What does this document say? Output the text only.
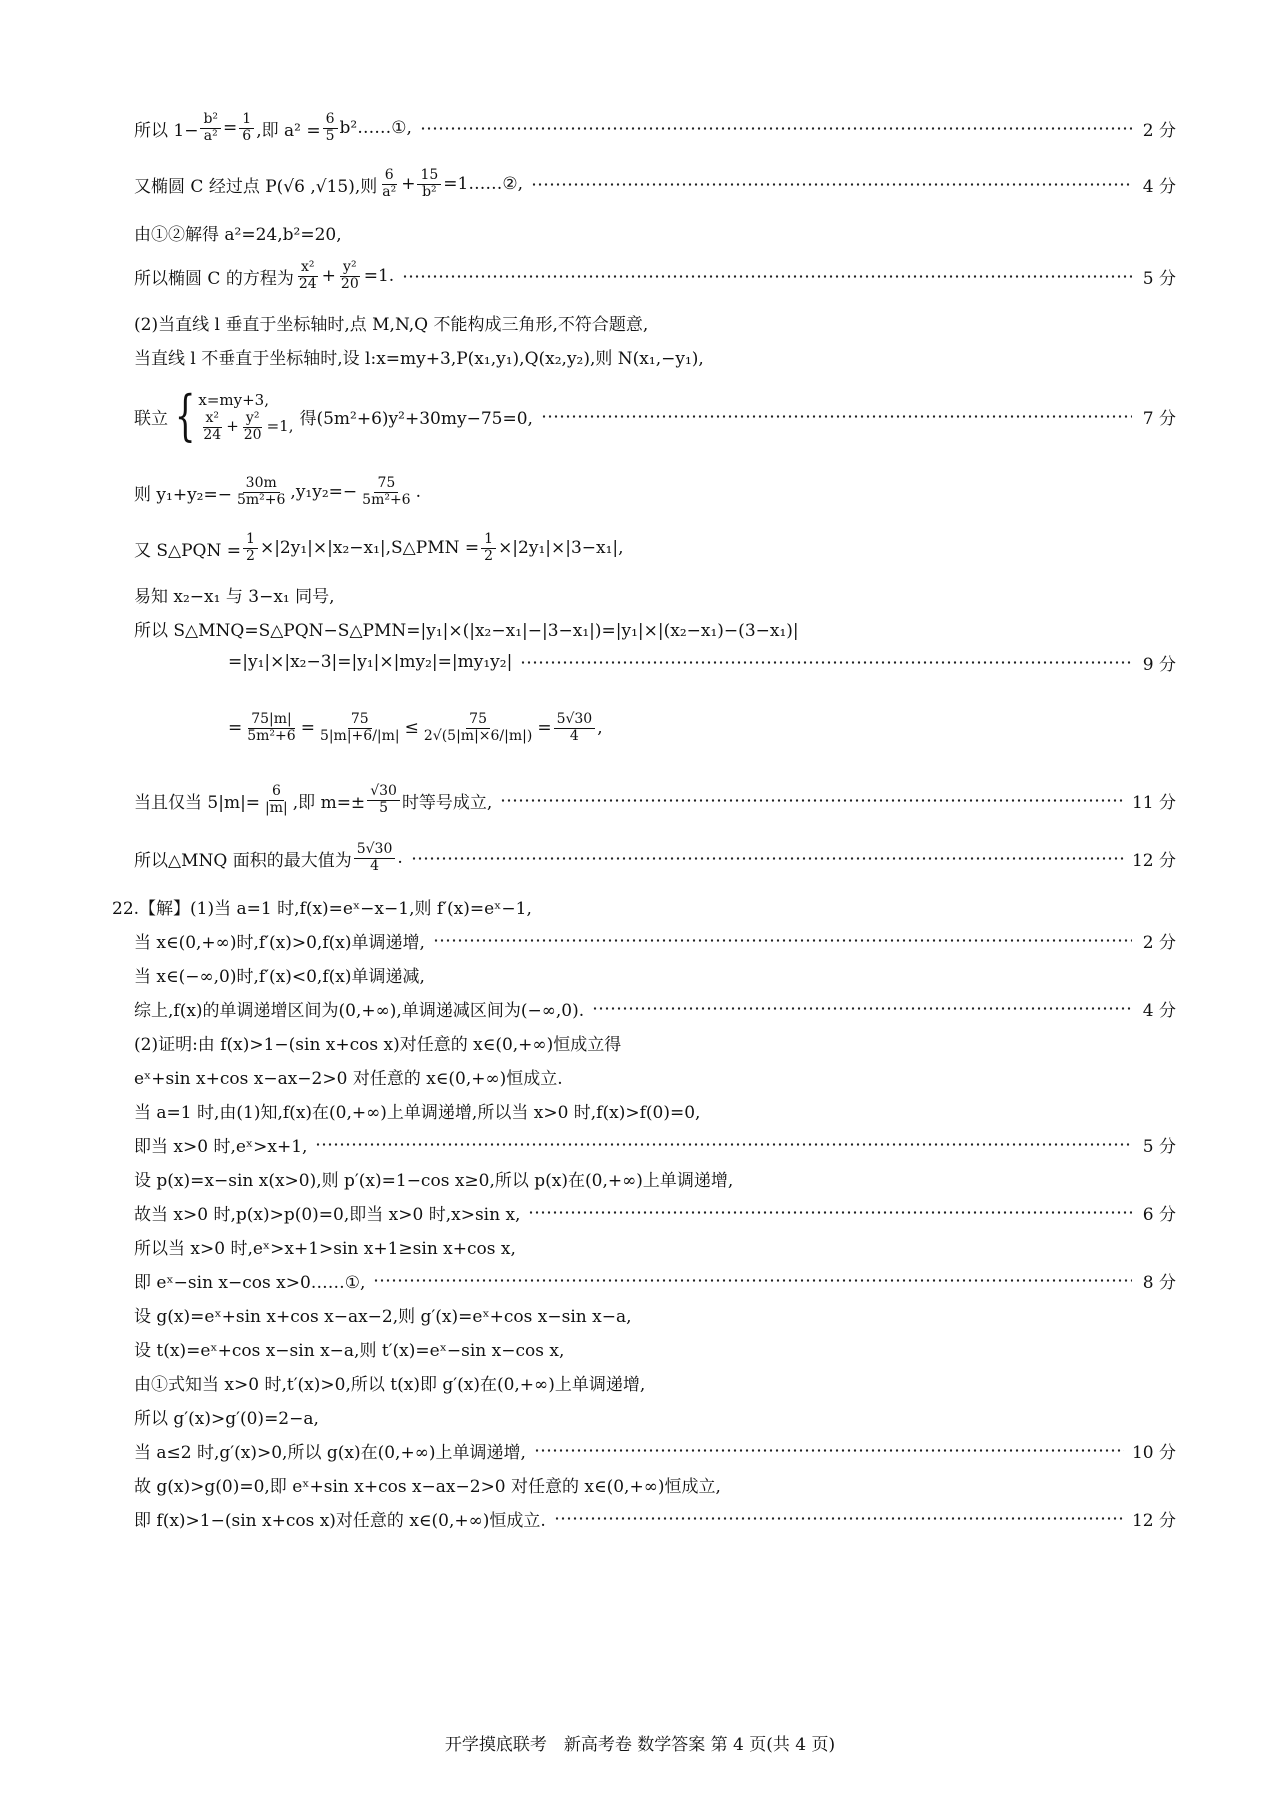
所以 $1- \frac{\text{b²}}{\text{a²}} = \frac{1}{6}$ ,即 $a^2 = \frac{6}{5}$ b²……①,	2 分
又椭圆 C 经过点 P(√6 ,√15),则 $\frac{6}{\text{a²}} + \frac{15}{\text{b²}}$ =1……②,	4 分
由①②解得 a²=24,b²=20,
所以椭圆 C 的方程为 $\frac{\text{x²}}{24} + \frac{\text{y²}}{20} =1$.	5 分
(2)当直线 l 垂直于坐标轴时,点 M,N,Q 不能构成三角形,不符合题意,
当直线 l 不垂直于坐标轴时,设 l:x=my+3,P(x₁,y₁),Q(x₂,y₂),则 N(x₁,−y₁),
联立 { x=my+3,
$\frac{\text{x²}}{24} + \frac{\text{y²}}{20} =1$, 得(5m²+6)y²+30my−75=0,	7 分
则 $y_1+y_2=- \frac{30m}{\text{5m²+6}} ,y_1y_2=- \frac{75}{\text{5m²+6}}$ .
又 S△PQN = $\frac{1}{2}$ ×|2y₁|×|x₂−x₁|,S△PMN = $\frac{1}{2} \times|2y_1|\times|3-x_1|$,
易知 x₂−x₁ 与 3−x₁ 同号,
所以 S△MNQ=S△PQN−S△PMN=|y₁|×(|x₂−x₁|−|3−x₁|)=|y₁|×|(x₂−x₁)−(3−x₁)|
=|y₁|×|x₂−3|=|y₁|×|my₂|=|my₁y₂|	9 分
= $\frac{75|m|}{\text{5m²+6}} = \frac{75}{5|m|+6/|m|} \le \frac{75}{2√(5|m|\times 6/|m|)} = \frac{5√30}{4}$ ,
当且仅当 $5|m|= \frac{6}{|m|}$ ,即 $m=\pm \frac{√30}{5}$ 时等号成立,	11 分
所以△MNQ 面积的最大值为 $\frac{5√30}{4}$ .	12 分
22.【解】(1)当 a=1 时,f(x)=eˣ−x−1,则 f′(x)=eˣ−1,
当 x∈(0,+∞)时,f′(x)>0,f(x)单调递增,	2 分
当 x∈(−∞,0)时,f′(x)<0,f(x)单调递减,
综上,f(x)的单调递增区间为(0,+∞),单调递减区间为(−∞,0).	4 分
(2)证明:由 f(x)>1−(sin x+cos x)对任意的 x∈(0,+∞)恒成立得
eˣ+sin x+cos x−ax−2>0 对任意的 x∈(0,+∞)恒成立.
当 a=1 时,由(1)知,f(x)在(0,+∞)上单调递增,所以当 x>0 时,f(x)>f(0)=0,
即当 x>0 时,eˣ>x+1,	5 分
设 p(x)=x−sin x(x>0),则 p′(x)=1−cos x≥0,所以 p(x)在(0,+∞)上单调递增,
故当 x>0 时,p(x)>p(0)=0,即当 x>0 时,x>sin x,	6 分
所以当 x>0 时,eˣ>x+1>sin x+1≥sin x+cos x,
即 eˣ−sin x−cos x>0……①,	8 分
设 g(x)=eˣ+sin x+cos x−ax−2,则 g′(x)=eˣ+cos x−sin x−a,
设 t(x)=eˣ+cos x−sin x−a,则 t′(x)=eˣ−sin x−cos x,
由①式知当 x>0 时,t′(x)>0,所以 t(x)即 g′(x)在(0,+∞)上单调递增,
所以 g′(x)>g′(0)=2−a,
当 a≤2 时,g′(x)>0,所以 g(x)在(0,+∞)上单调递增,	10 分
故 g(x)>g(0)=0,即 eˣ+sin x+cos x−ax−2>0 对任意的 x∈(0,+∞)恒成立,
即 f(x)>1−(sin x+cos x)对任意的 x∈(0,+∞)恒成立.	12 分
开学摸底联考　新高考卷 数学答案 第 4 页(共 4 页)
